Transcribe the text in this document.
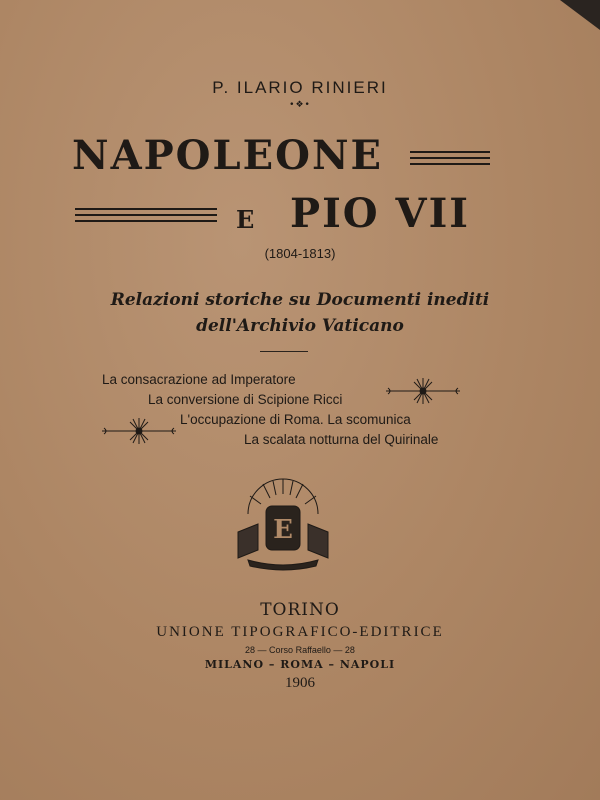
P. ILARIO RINIERI
•❖•
NAPOLEONE
E PIO VII
(1804-1813)
Relazioni storiche su Documenti inediti
dell'Archivio Vaticano
La consacrazione ad Imperatore
La conversione di Scipione Ricci
L'occupazione di Roma. La scomunica
La scalata notturna del Quirinale
E
TORINO
UNIONE TIPOGRAFICO-EDITRICE
28 — Corso Raffaello — 28
MILANO – ROMA – NAPOLI
1906
